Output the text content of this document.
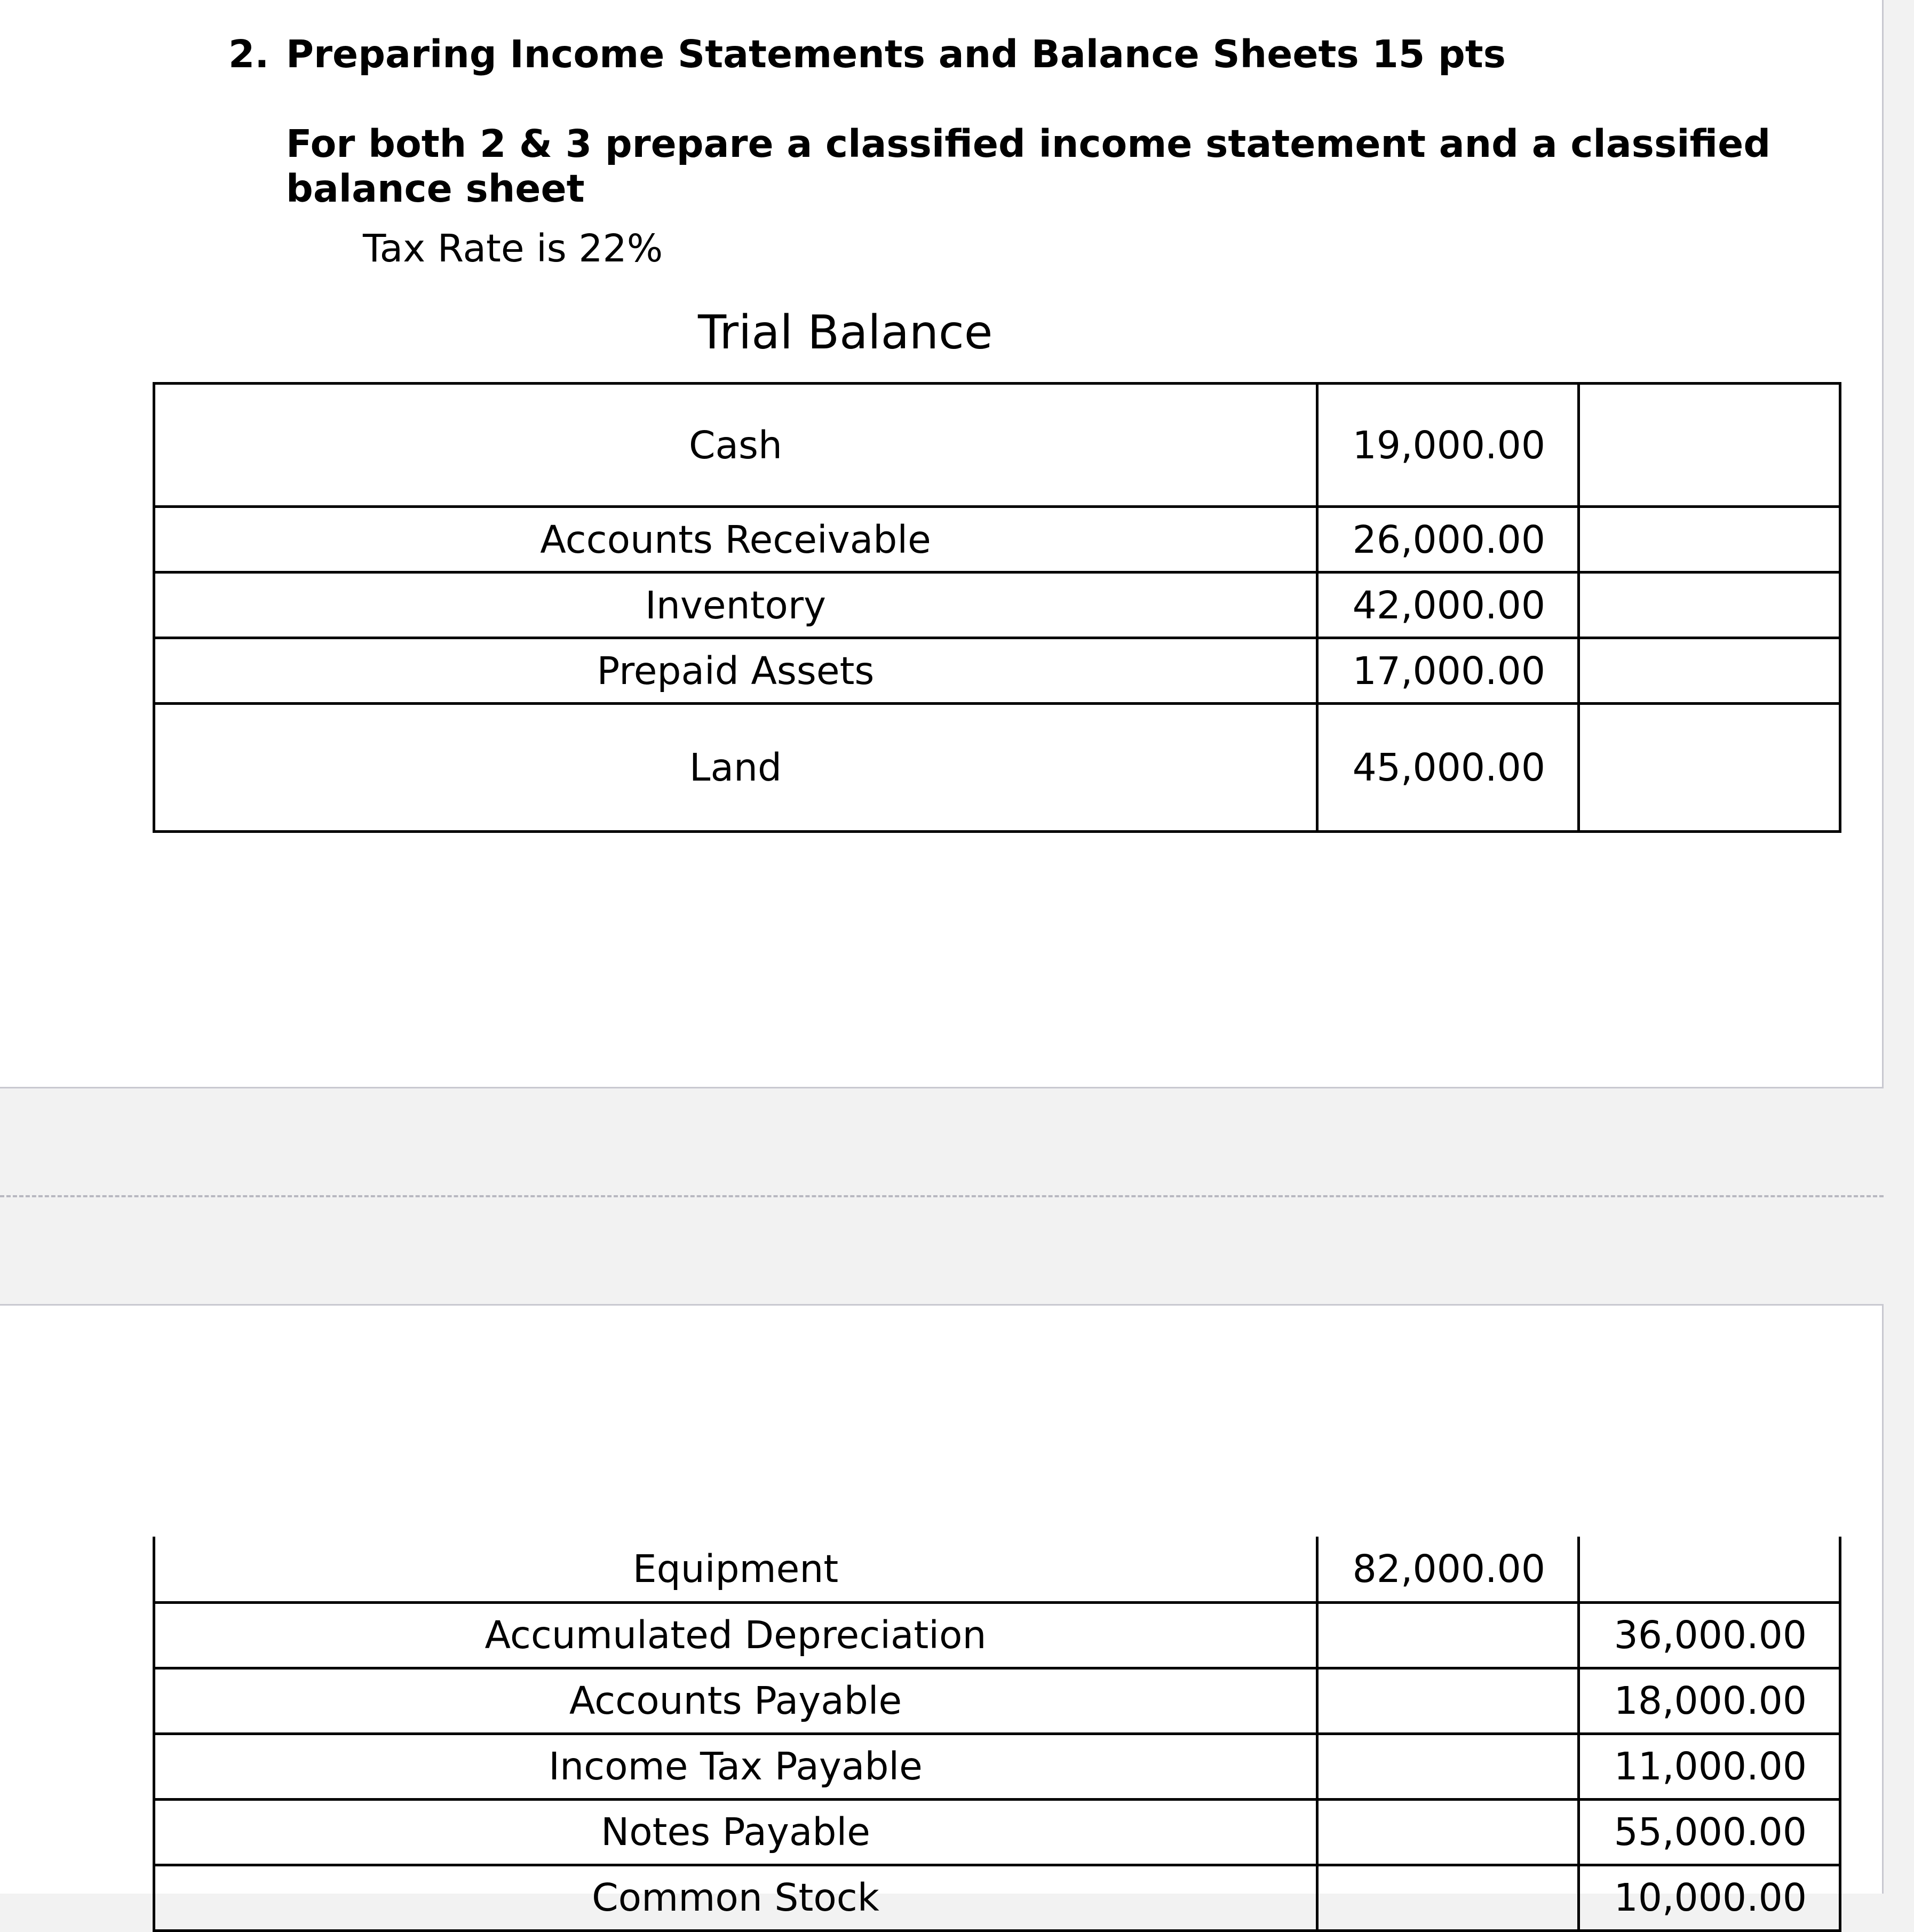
2. Preparing Income Statements and Balance Sheets 15 pts

For both 2 & 3 prepare a classified income statement and a classified balance sheet

Tax Rate is 22%
Trial Balance
Cash	19,000.00	
Accounts Receivable	26,000.00	
Inventory	42,000.00	
Prepaid Assets	17,000.00	
Land	45,000.00	
Equipment	82,000.00	
Accumulated Depreciation		36,000.00
Accounts Payable		18,000.00
Income Tax Payable		11,000.00
Notes Payable		55,000.00
Common Stock		10,000.00
